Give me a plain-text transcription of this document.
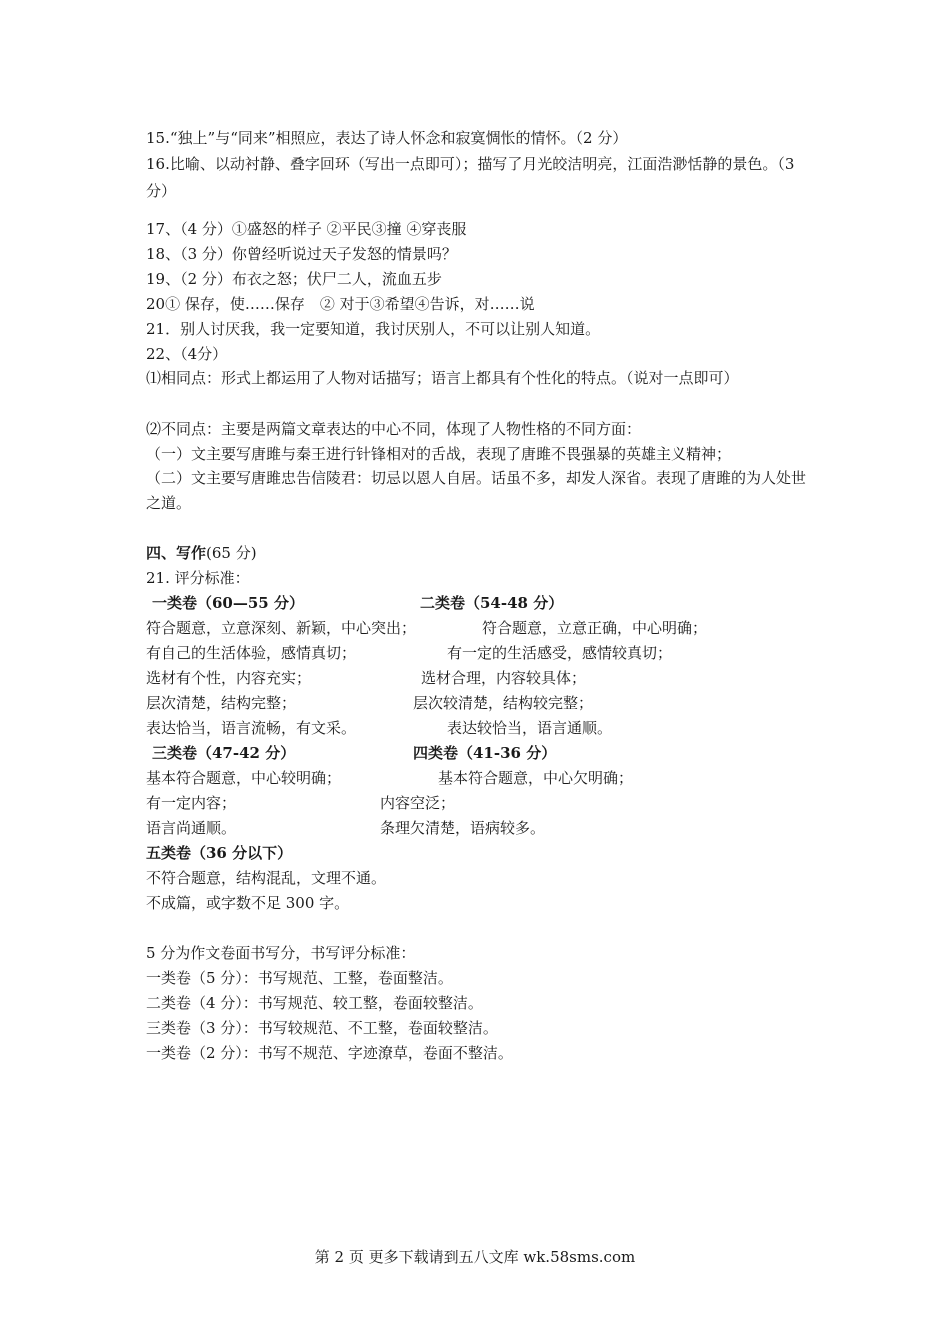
15.“独上”与“同来”相照应，表达了诗人怀念和寂寞惆怅的情怀。（2 分）
16.比喻、以动衬静、叠字回环（写出一点即可）；描写了月光皎洁明亮，江面浩渺恬静的景色。（3 分）
17、（4 分）①盛怒的样子 ②平民③撞 ④穿丧服
18、（3 分）你曾经听说过天子发怒的情景吗？
19、（2 分）布衣之怒；伏尸二人，流血五步
20① 保存，使……保存　② 对于③希望④告诉，对……说
21．别人讨厌我，我一定要知道，我讨厌别人，不可以让别人知道。
22、（4分）
⑴相同点：形式上都运用了人物对话描写；语言上都具有个性化的特点。（说对一点即可）
⑵不同点：主要是两篇文章表达的中心不同，体现了人物性格的不同方面：
（一）文主要写唐雎与秦王进行针锋相对的舌战，表现了唐雎不畏强暴的英雄主义精神；
（二）文主要写唐雎忠告信陵君：切忌以恩人自居。话虽不多，却发人深省。表现了唐雎的为人处世之道。
四、写作(65 分)
21. 评分标准：
一类卷（60—55 分）	二类卷（54-48 分）
符合题意，立意深刻、新颖，中心突出；	符合题意，立意正确，中心明确；
有自己的生活体验，感情真切；	有一定的生活感受，感情较真切；
选材有个性，内容充实；	选材合理，内容较具体；
层次清楚，结构完整；	层次较清楚，结构较完整；
表达恰当，语言流畅，有文采。	表达较恰当，语言通顺。
三类卷（47-42 分）	四类卷（41-36 分）
基本符合题意，中心较明确；	基本符合题意，中心欠明确；
有一定内容；	内容空泛；
语言尚通顺。	条理欠清楚，语病较多。
五类卷（36 分以下）
不符合题意，结构混乱，文理不通。
不成篇，或字数不足 300 字。
5 分为作文卷面书写分，书写评分标准：
一类卷（5 分）：书写规范、工整，卷面整洁。
二类卷（4 分）：书写规范、较工整，卷面较整洁。
三类卷（3 分）：书写较规范、不工整，卷面较整洁。
一类卷（2 分）：书写不规范、字迹潦草，卷面不整洁。
第 2 页 更多下载请到五八文库 wk.58sms.com
